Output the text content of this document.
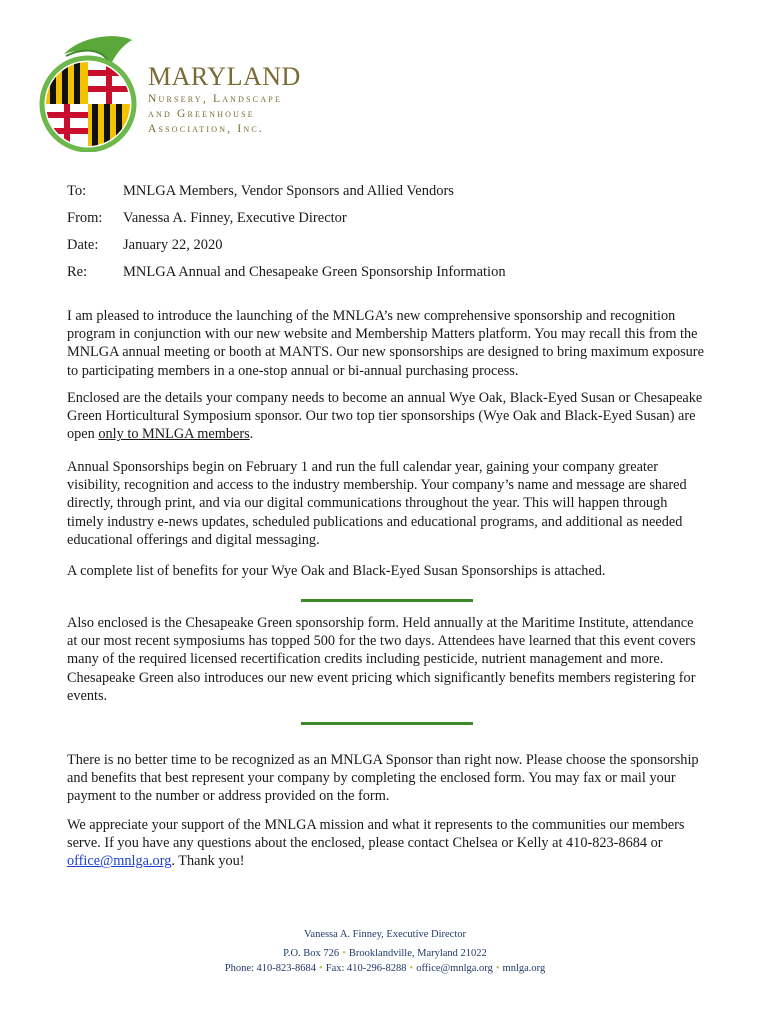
MARYLAND
Nursery, Landscape
and Greenhouse
Association, Inc.
To:	MNLGA Members, Vendor Sponsors and Allied Vendors
From: Vanessa A. Finney, Executive Director
Date: January 22, 2020
Re: MNLGA Annual and Chesapeake Green Sponsorship Information
I am pleased to introduce the launching of the MNLGA’s new comprehensive sponsorship and recognition program in conjunction with our new website and Membership Matters platform. You may recall this from the MNLGA annual meeting or booth at MANTS. Our new sponsorships are designed to bring maximum exposure to participating members in a one-stop annual or bi-annual purchasing process.
Enclosed are the details your company needs to become an annual Wye Oak, Black-Eyed Susan or Chesapeake Green Horticultural Symposium sponsor. Our two top tier sponsorships (Wye Oak and Black-Eyed Susan) are open only to MNLGA members.
Annual Sponsorships begin on February 1 and run the full calendar year, gaining your company greater visibility, recognition and access to the industry membership. Your company’s name and message are shared directly, through print, and via our digital communications throughout the year. This will happen through timely industry e-news updates, scheduled publications and educational programs, and additional as needed educational offerings and digital messaging.
A complete list of benefits for your Wye Oak and Black-Eyed Susan Sponsorships is attached.
Also enclosed is the Chesapeake Green sponsorship form. Held annually at the Maritime Institute, attendance at our most recent symposiums has topped 500 for the two days. Attendees have learned that this event covers many of the required licensed recertification credits including pesticide, nutrient management and more. Chesapeake Green also introduces our new event pricing which significantly benefits members registering for events.
There is no better time to be recognized as an MNLGA Sponsor than right now. Please choose the sponsorship and benefits that best represent your company by completing the enclosed form. You may fax or mail your payment to the number or address provided on the form.
We appreciate your support of the MNLGA mission and what it represents to the communities our members serve. If you have any questions about the enclosed, please contact Chelsea or Kelly at 410-823-8684 or office@mnlga.org. Thank you!
Vanessa A. Finney, Executive Director
P.O. Box 726 • Brooklandville, Maryland 21022
Phone: 410-823-8684 • Fax: 410-296-8288 • office@mnlga.org • mnlga.org
